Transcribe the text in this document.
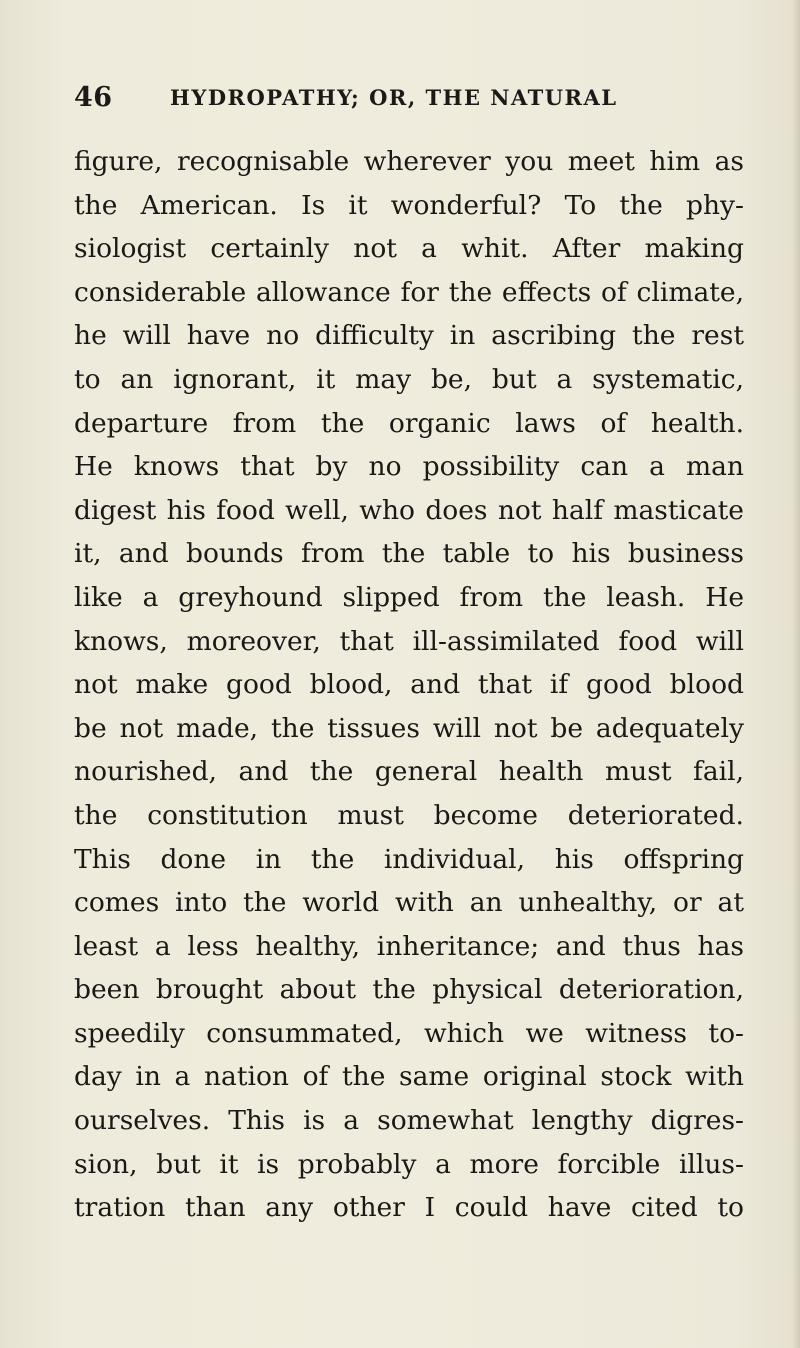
46	HYDROPATHY; OR, THE NATURAL
figure, recognisable wherever you meet him as
the American. Is it wonderful? To the phy-
siologist certainly not a whit. After making
considerable allowance for the effects of climate,
he will have no difficulty in ascribing the rest
to an ignorant, it may be, but a systematic,
departure from the organic laws of health.
He knows that by no possibility can a man
digest his food well, who does not half masticate
it, and bounds from the table to his business
like a greyhound slipped from the leash. He
knows, moreover, that ill-assimilated food will
not make good blood, and that if good blood
be not made, the tissues will not be adequately
nourished, and the general health must fail,
the constitution must become deteriorated.
This done in the individual, his offspring
comes into the world with an unhealthy, or at
least a less healthy, inheritance; and thus has
been brought about the physical deterioration,
speedily consummated, which we witness to-
day in a nation of the same original stock with
ourselves. This is a somewhat lengthy digres-
sion, but it is probably a more forcible illus-
tration than any other I could have cited to
